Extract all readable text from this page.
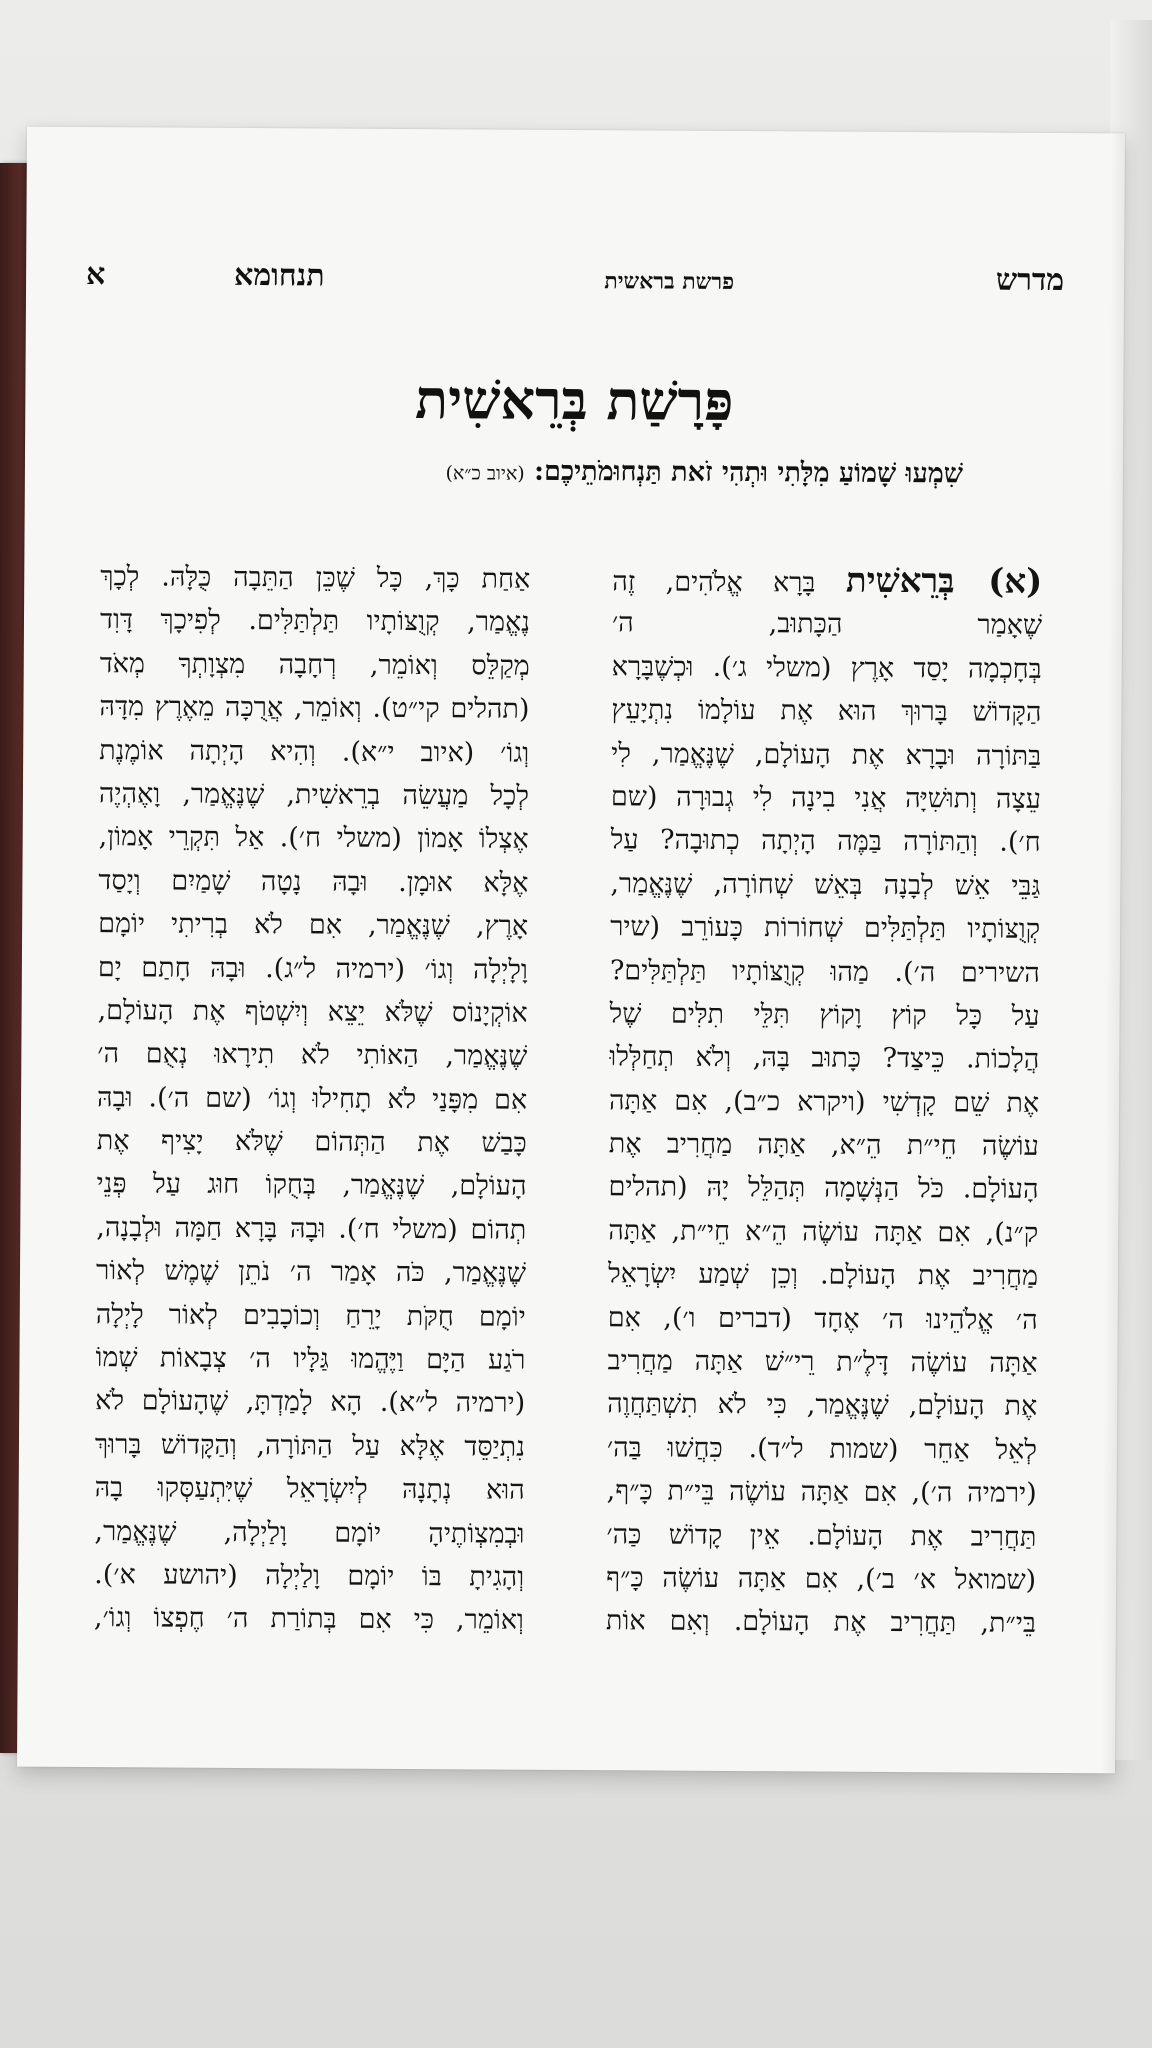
מדרש
פרשת בראשית
תנחומא
א
פָּרָשַׁת בְּרֵאשִׁית
שִׁמְעוּ שָׁמוֹעַ מִלָּתִי וּתְהִי זֹאת תַּנְחוּמֹתֵיכֶם: (איוב כ״א)
(א) בְּרֵאשִׁית בָּרָא אֱלֹהִים, זֶה
שֶׁאָמַר הַכָּתוּב, ה׳
בְּחָכְמָה יָסַד אָרֶץ (משלי ג׳). וּכְשֶׁבָּרָא
הַקָּדוֹשׁ בָּרוּךְ הוּא אֶת עוֹלָמוֹ נִתְיָעֵץ
בַּתּוֹרָה וּבָרָא אֶת הָעוֹלָם, שֶׁנֶּאֱמַר, לִי
עֵצָה וְתוּשִׁיָּה אֲנִי בִינָה לִי גְבוּרָה (שם
ח׳). וְהַתּוֹרָה בַּמֶּה הָיְתָה כְתוּבָה? עַל
גַּבֵּי אֵשׁ לְבָנָה בְּאֵשׁ שְׁחוֹרָה, שֶׁנֶּאֱמַר,
קְוֻצּוֹתָיו תַּלְתַּלִּים שְׁחוֹרוֹת כָּעוֹרֵב (שיר
השירים ה׳). מַהוּ קְוֻצּוֹתָיו תַּלְתַּלִּים?
עַל כָּל קוֹץ וָקוֹץ תִּלֵּי תִלִּים שֶׁל
הֲלָכוֹת. כֵּיצַד? כָּתוּב בָּהּ, וְלֹא תְחַלְּלוּ
אֶת שֵׁם קָדְשִׁי (ויקרא כ״ב), אִם אַתָּה
עוֹשֶׂה חֵי״ת הֵ״א, אַתָּה מַחֲרִיב אֶת
הָעוֹלָם. כֹּל הַנְּשָׁמָה תְּהַלֵּל יָהּ (תהלים
ק״נ), אִם אַתָּה עוֹשֶׂה הֵ״א חֵי״ת, אַתָּה
מַחֲרִיב אֶת הָעוֹלָם. וְכֵן שְׁמַע יִשְׂרָאֵל
ה׳ אֱלֹהֵינוּ ה׳ אֶחָד (דברים ו׳), אִם
אַתָּה עוֹשֶׂה דָּלֶ״ת רֵי״שׁ אַתָּה מַחֲרִיב
אֶת הָעוֹלָם, שֶׁנֶּאֱמַר, כִּי לֹא תִשְׁתַּחֲוֶה
לְאֵל אַחֵר (שמות ל״ד). כִּחֲשׁוּ בַּה׳
(ירמיה ה׳), אִם אַתָּה עוֹשֶׂה בֵּי״ת כָּ״ף,
תַּחֲרִיב אֶת הָעוֹלָם. אֵין קָדוֹשׁ כַּה׳
(שמואל א׳ ב׳), אִם אַתָּה עוֹשֶׂה כָּ״ף
בֵּי״ת, תַּחֲרִיב אֶת הָעוֹלָם. וְאִם אוֹת
אַחַת כָּךְ, כָּל שֶׁכֵּן הַתֵּבָה כֻּלָּהּ. לְכָךְ
נֶאֱמַר, קְוֻצּוֹתָיו תַּלְתַּלִּים. לְפִיכָךְ דָּוִד
מְקַלֵּס וְאוֹמֵר, רְחָבָה מִצְוָתְךָ מְאֹד
(תהלים קי״ט). וְאוֹמֵר, אֲרֻכָּה מֵאֶרֶץ מִדָּהּ
וְגוֹ׳ (איוב י״א). וְהִיא הָיְתָה אוֹמֶנֶת
לְכָל מַעֲשֵׂה בְרֵאשִׁית, שֶׁנֶּאֱמַר, וָאֶהְיֶה
אֶצְלוֹ אָמוֹן (משלי ח׳). אַל תִּקְרֵי אָמוֹן,
אֶלָּא אוּמָן. וּבָהּ נָטָה שָׁמַיִם וְיָסַד
אָרֶץ, שֶׁנֶּאֱמַר, אִם לֹא בְרִיתִי יוֹמָם
וָלָיְלָה וְגוֹ׳ (ירמיה ל״ג). וּבָהּ חָתַם יָם
אוֹקְיָנוֹס שֶׁלֹּא יֵצֵא וְיִשְׁטֹף אֶת הָעוֹלָם,
שֶׁנֶּאֱמַר, הַאוֹתִי לֹא תִירָאוּ נְאֻם ה׳
אִם מִפָּנַי לֹא תָחִילוּ וְגוֹ׳ (שם ה׳). וּבָהּ
כָּבַשׁ אֶת הַתְּהוֹם שֶׁלֹּא יָצִיף אֶת
הָעוֹלָם, שֶׁנֶּאֱמַר, בְּחֻקוֹ חוּג עַל פְּנֵי
תְהוֹם (משלי ח׳). וּבָהּ בָּרָא חַמָּה וּלְבָנָה,
שֶׁנֶּאֱמַר, כֹּה אָמַר ה׳ נֹתֵן שֶׁמֶשׁ לְאוֹר
יוֹמָם חֻקֹּת יָרֵחַ וְכוֹכָבִים לְאוֹר לָיְלָה
רֹגַע הַיָּם וַיֶּהֱמוּ גַּלָּיו ה׳ צְבָאוֹת שְׁמוֹ
(ירמיה ל״א). הָא לָמַדְתָּ, שֶׁהָעוֹלָם לֹא
נִתְיַסֵּד אֶלָּא עַל הַתּוֹרָה, וְהַקָּדוֹשׁ בָּרוּךְ
הוּא נְתָנָהּ לְיִשְׂרָאֵל שֶׁיִּתְעַסְּקוּ בָהּ
וּבְמִצְוֹתֶיהָ יוֹמָם וָלַיְלָה, שֶׁנֶּאֱמַר,
וְהָגִיתָ בּוֹ יוֹמָם וָלַיְלָה (יהושע א׳).
וְאוֹמֵר, כִּי אִם בְּתוֹרַת ה׳ חֶפְצוֹ וְגוֹ׳,
